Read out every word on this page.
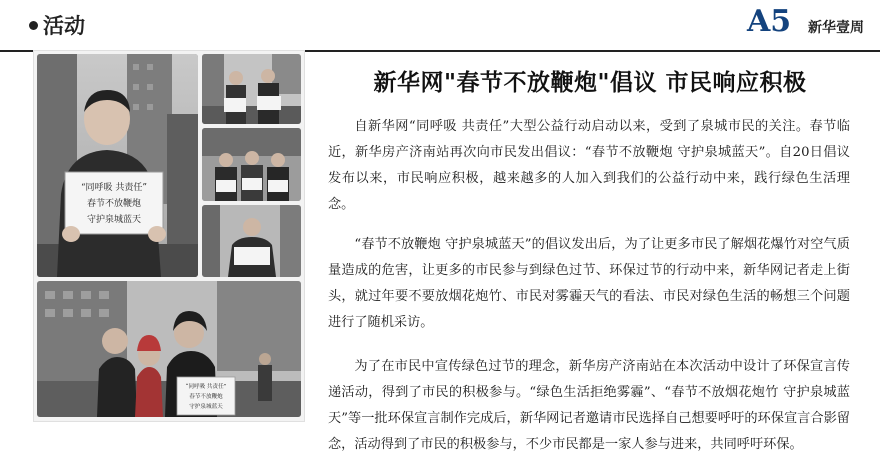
活动	A5 新华壹周
“同呼吸 共责任”
春节不放鞭炮
守护泉城蓝天
“同呼吸 共责任”
春节不放鞭炮
守护泉城蓝天
新华网"春节不放鞭炮"倡议 市民响应积极

自新华网“同呼吸 共责任”大型公益行动启动以来，受到了泉城市民的关注。春节临近，新华房产济南站再次向市民发出倡议：“春节不放鞭炮 守护泉城蓝天”。自20日倡议发布以来，市民响应积极，越来越多的人加入到我们的公益行动中来，践行绿色生活理念。

“春节不放鞭炮 守护泉城蓝天”的倡议发出后，为了让更多市民了解烟花爆竹对空气质量造成的危害，让更多的市民参与到绿色过节、环保过节的行动中来，新华网记者走上街头，就过年要不要放烟花炮竹、市民对雾霾天气的看法、市民对绿色生活的畅想三个问题进行了随机采访。

为了在市民中宣传绿色过节的理念，新华房产济南站在本次活动中设计了环保宣言传递活动，得到了市民的积极参与。“绿色生活拒绝雾霾”、“春节不放烟花炮竹 守护泉城蓝天”等一批环保宣言制作完成后，新华网记者邀请市民选择自己想要呼吁的环保宣言合影留念，活动得到了市民的积极参与，不少市民都是一家人参与进来，共同呼吁环保。
